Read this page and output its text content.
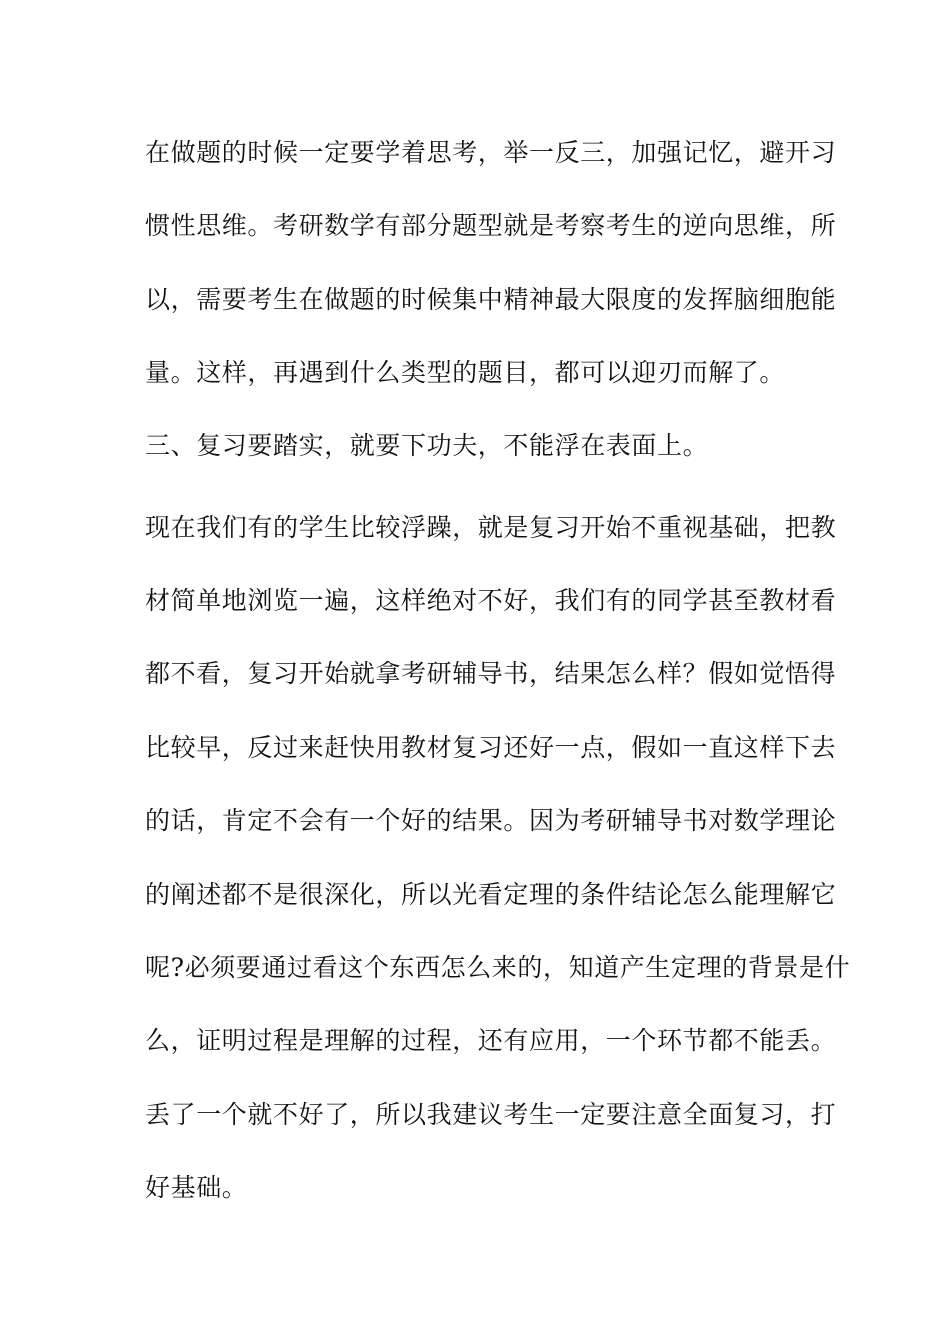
在做题的时候一定要学着思考，举一反三，加强记忆，避开习
惯性思维。考研数学有部分题型就是考察考生的逆向思维，所
以，需要考生在做题的时候集中精神最大限度的发挥脑细胞能
量。这样，再遇到什么类型的题目，都可以迎刃而解了。
三、复习要踏实，就要下功夫，不能浮在表面上。
现在我们有的学生比较浮躁，就是复习开始不重视基础，把教
材简单地浏览一遍，这样绝对不好，我们有的同学甚至教材看
都不看，复习开始就拿考研辅导书，结果怎么样？假如觉悟得
比较早，反过来赶快用教材复习还好一点，假如一直这样下去
的话，肯定不会有一个好的结果。因为考研辅导书对数学理论
的阐述都不是很深化，所以光看定理的条件结论怎么能理解它
呢?必须要通过看这个东西怎么来的，知道产生定理的背景是什
么，证明过程是理解的过程，还有应用，一个环节都不能丢。
丢了一个就不好了，所以我建议考生一定要注意全面复习，打
好基础。
